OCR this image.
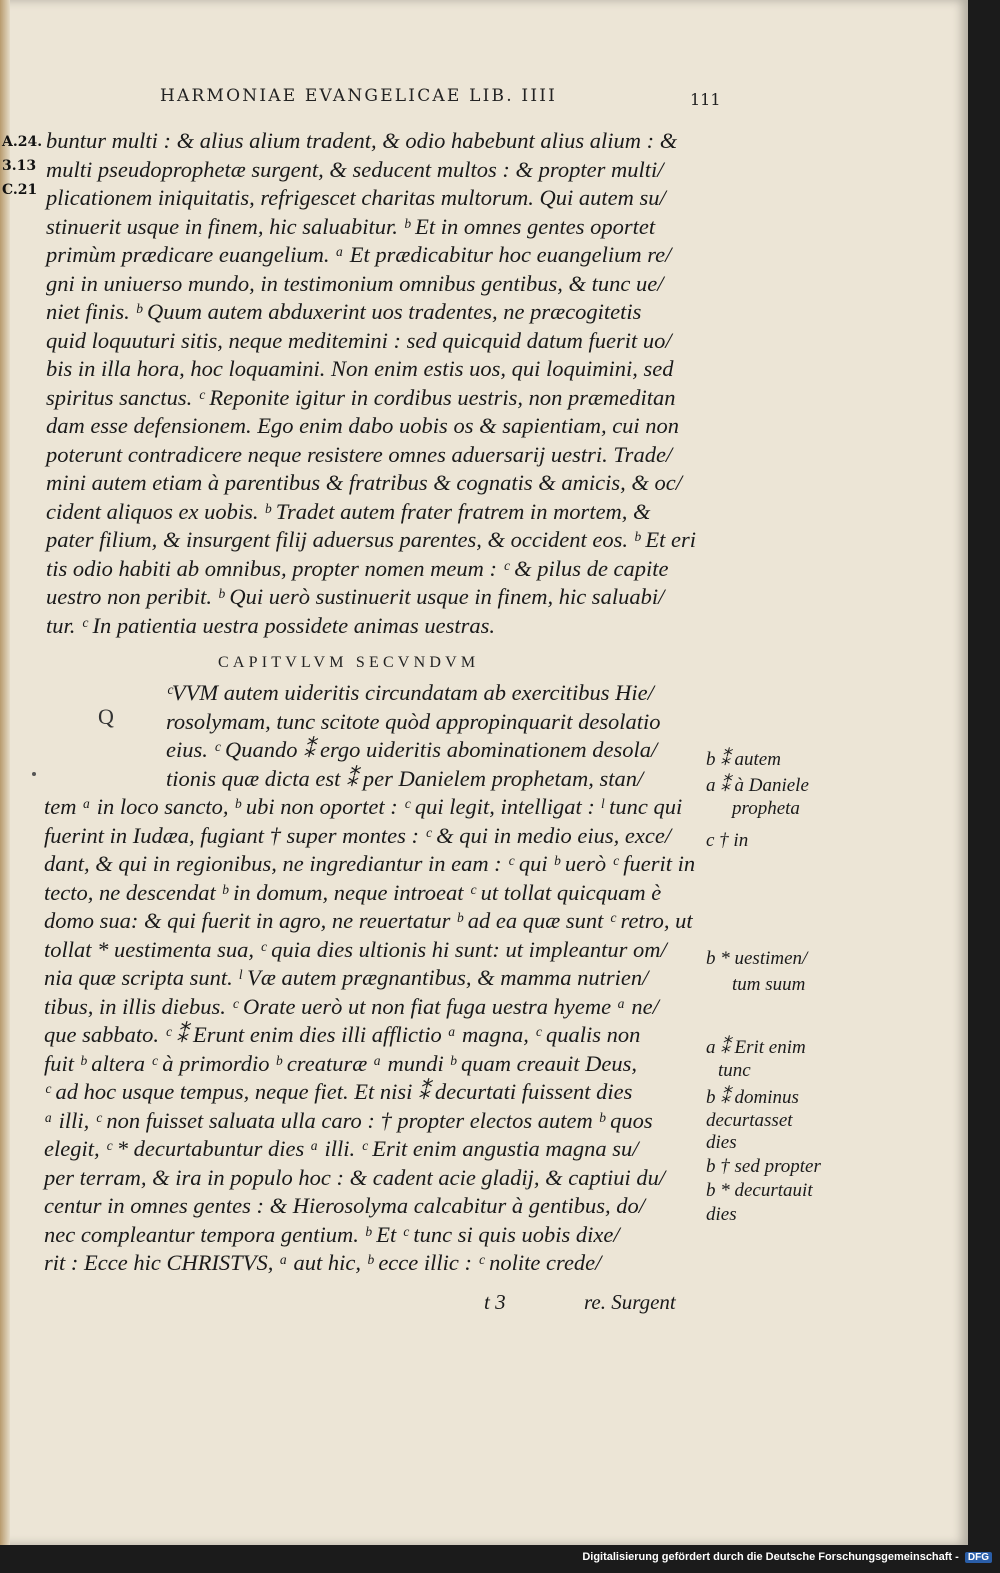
HARMONIAE EVANGELICAE LIB. IIII	111
A.24.
3.13
C.21
buntur multi : & alius alium tradent, & odio habebunt alius alium : &
multi pseudoprophetæ surgent, & seducent multos : & propter multi/
plicationem iniquitatis, refrigescet charitas multorum. Qui autem su/
stinuerit usque in finem, hic saluabitur. ᵇ Et in omnes gentes oportet
primùm prædicare euangelium. ᵃ Et prædicabitur hoc euangelium re/
gni in uniuerso mundo, in testimonium omnibus gentibus, & tunc ue/
niet finis. ᵇ Quum autem abduxerint uos tradentes, ne præcogitetis
quid loquuturi sitis, neque meditemini : sed quicquid datum fuerit uo/
bis in illa hora, hoc loquamini. Non enim estis uos, qui loquimini, sed
spiritus sanctus. ᶜ Reponite igitur in cordibus uestris, non præmeditan
dam esse defensionem. Ego enim dabo uobis os & sapientiam, cui non
poterunt contradicere neque resistere omnes aduersarij uestri. Trade/
mini autem etiam à parentibus & fratribus & cognatis & amicis, & oc/
cident aliquos ex uobis. ᵇ Tradet autem frater fratrem in mortem, &
pater filium, & insurgent filij aduersus parentes, & occident eos. ᵇ Et eri
tis odio habiti ab omnibus, propter nomen meum : ᶜ & pilus de capite
uestro non peribit. ᵇ Qui uerò sustinuerit usque in finem, hic saluabi/
tur. ᶜ In patientia uestra possidete animas uestras.
CAPITVLVM SECVNDVM
Q
ᶜVVM autem uideritis circundatam ab exercitibus Hie/
rosolymam, tunc scitote quòd appropinquarit desolatio
eius. ᶜ Quando ⁑ ergo uideritis abominationem desola/
tionis quæ dicta est ⁑ per Danielem prophetam, stan/
tem ᵃ in loco sancto, ᵇ ubi non oportet : ᶜ qui legit, intelligat : ˡ tunc qui
fuerint in Iudæa, fugiant † super montes : ᶜ & qui in medio eius, exce/
dant, & qui in regionibus, ne ingrediantur in eam : ᶜ qui ᵇ uerò ᶜ fuerit in
tecto, ne descendat ᵇ in domum, neque introeat ᶜ ut tollat quicquam è
domo sua: & qui fuerit in agro, ne reuertatur ᵇ ad ea quæ sunt ᶜ retro, ut
tollat * uestimenta sua, ᶜ quia dies ultionis hi sunt: ut impleantur om/
nia quæ scripta sunt. ˡ Væ autem prægnantibus, & mamma nutrien/
tibus, in illis diebus. ᶜ Orate uerò ut non fiat fuga uestra hyeme ᵃ ne/
que sabbato. ᶜ ⁑ Erunt enim dies illi afflictio ᵃ magna, ᶜ qualis non
fuit ᵇ altera ᶜ à primordio ᵇ creaturæ ᵃ mundi ᵇ quam creauit Deus,
ᶜ ad hoc usque tempus, neque fiet. Et nisi ⁑ decurtati fuissent dies
ᵃ illi, ᶜ non fuisset saluata ulla caro : † propter electos autem ᵇ quos
elegit, ᶜ * decurtabuntur dies ᵃ illi. ᶜ Erit enim angustia magna su/
per terram, & ira in populo hoc : & cadent acie gladij, & captiui du/
centur in omnes gentes : & Hierosolyma calcabitur à gentibus, do/
nec compleantur tempora gentium. ᵇ Et ᶜ tunc si quis uobis dixe/
rit : Ecce hic CHRISTVS, ᵃ aut hic, ᵇ ecce illic : ᶜ nolite crede/
b ⁑ autem
a ⁑ à Daniele
propheta
c † in
b * uestimen/
tum suum
a ⁑ Erit enim
tunc
b ⁑ dominus
decurtasset
dies
b † sed propter
b * decurtauit
dies
t 3	re. Surgent
Digitalisierung gefördert durch die Deutsche Forschungsgemeinschaft - DFG
